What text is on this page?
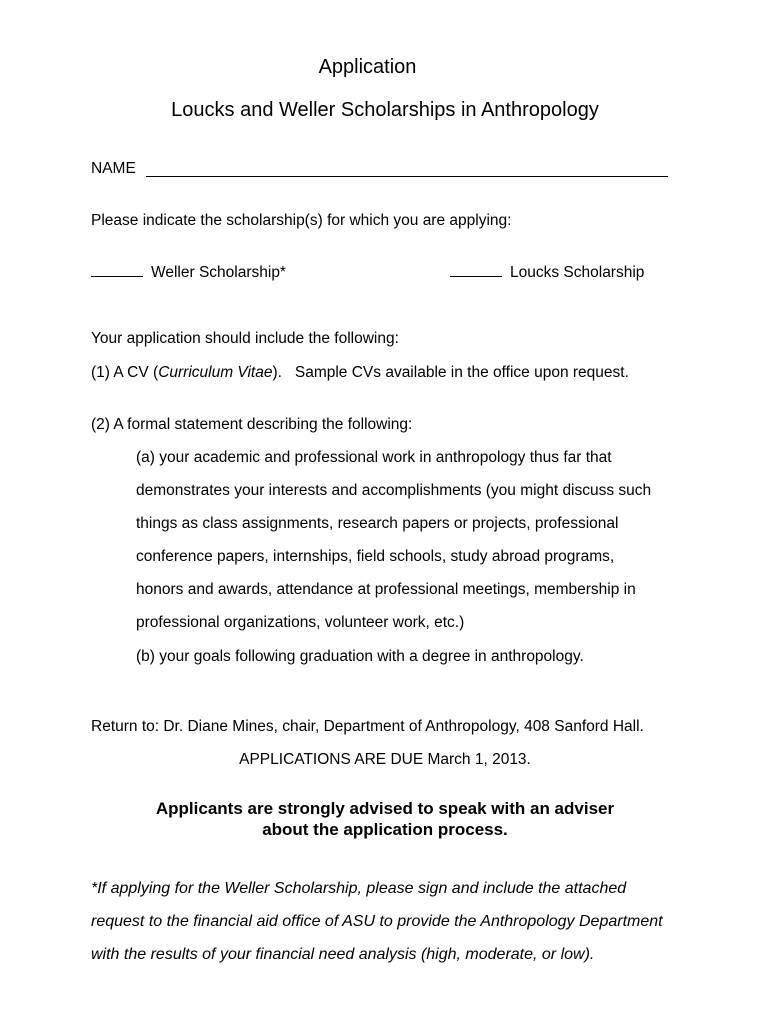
Application
Loucks and Weller Scholarships in Anthropology
NAME
Please indicate the scholarship(s) for which you are applying:
Weller Scholarship*	Loucks Scholarship
Your application should include the following:
(1) A CV (Curriculum Vitae).   Sample CVs available in the office upon request.
(2) A formal statement describing the following:
(a) your academic and professional work in anthropology thus far that
demonstrates your interests and accomplishments (you might discuss such
things as class assignments, research papers or projects, professional
conference papers, internships, field schools, study abroad programs,
honors and awards, attendance at professional meetings, membership in
professional organizations, volunteer work, etc.)
(b) your goals following graduation with a degree in anthropology.
Return to: Dr. Diane Mines, chair, Department of Anthropology, 408 Sanford Hall.
APPLICATIONS ARE DUE March 1, 2013.
Applicants are strongly advised to speak with an adviser
about the application process.
*If applying for the Weller Scholarship, please sign and include the attached
request to the financial aid office of ASU to provide the Anthropology Department
with the results of your financial need analysis (high, moderate, or low).
